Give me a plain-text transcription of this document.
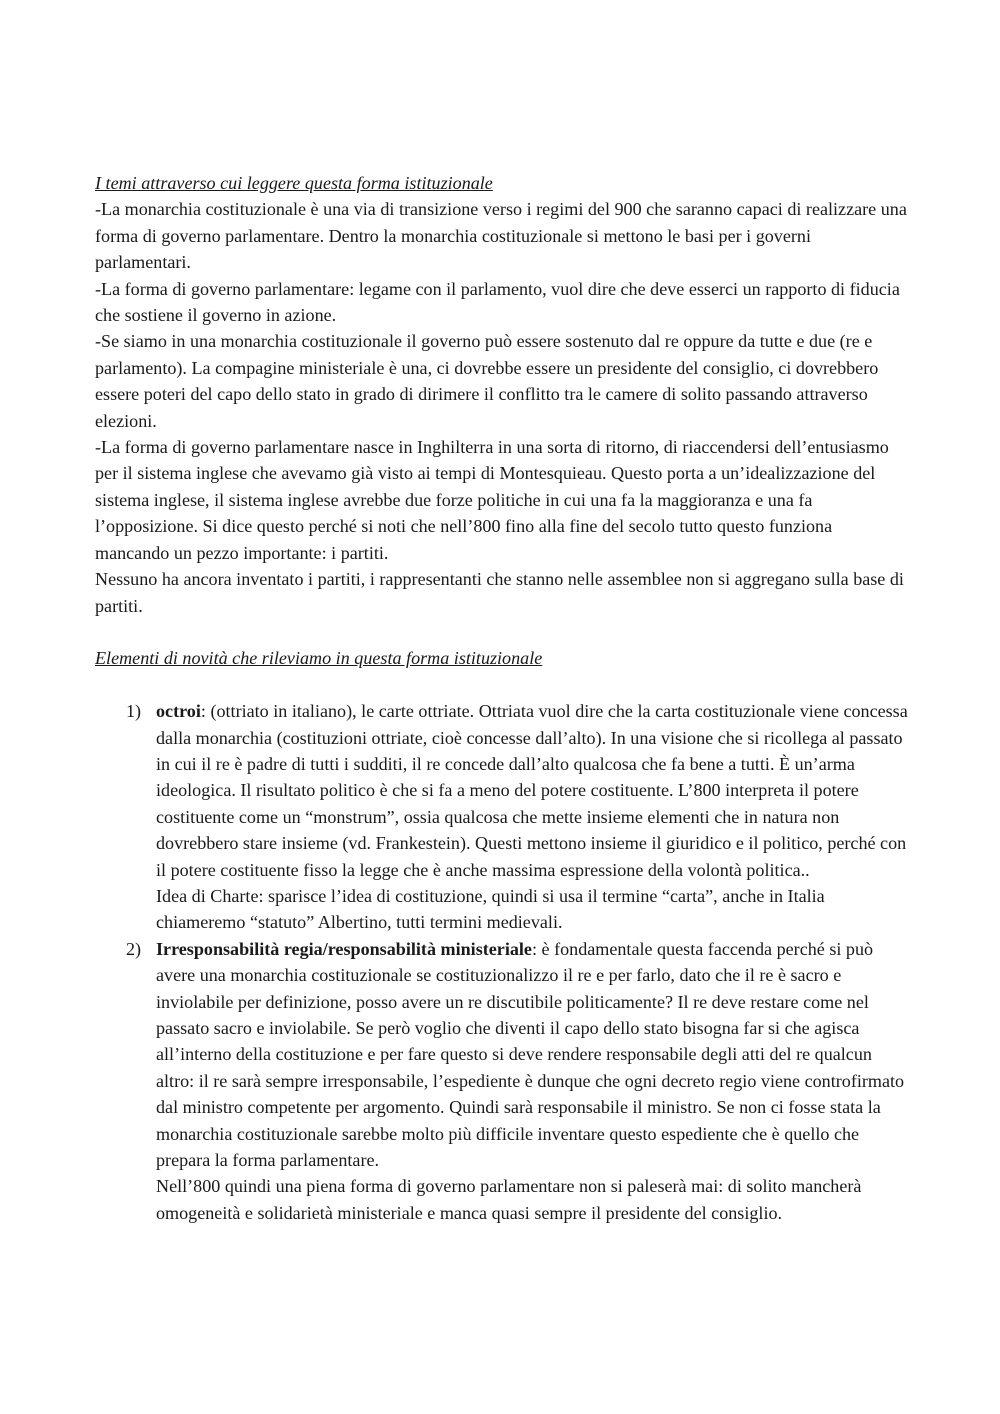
I temi attraverso cui leggere questa forma istituzionale

-La monarchia costituzionale è una via di transizione verso i regimi del 900 che saranno capaci di realizzare una forma di governo parlamentare. Dentro la monarchia costituzionale si mettono le basi per i governi parlamentari.

-La forma di governo parlamentare: legame con il parlamento, vuol dire che deve esserci un rapporto di fiducia che sostiene il governo in azione.

-Se siamo in una monarchia costituzionale il governo può essere sostenuto dal re oppure da tutte e due (re e parlamento). La compagine ministeriale è una, ci dovrebbe essere un presidente del consiglio, ci dovrebbero essere poteri del capo dello stato in grado di dirimere il conflitto tra le camere di solito passando attraverso elezioni.

-La forma di governo parlamentare nasce in Inghilterra in una sorta di ritorno, di riaccendersi dell’entusiasmo per il sistema inglese che avevamo già visto ai tempi di Montesquieau. Questo porta a un’idealizzazione del sistema inglese, il sistema inglese avrebbe due forze politiche in cui una fa la maggioranza e una fa l’opposizione. Si dice questo perché si noti che nell’800 fino alla fine del secolo tutto questo funziona mancando un pezzo importante: i partiti.

Nessuno ha ancora inventato i partiti, i rappresentanti che stanno nelle assemblee non si aggregano sulla base di partiti.

Elementi di novità che rileviamo in questa forma istituzionale

1) octroi: (ottriato in italiano), le carte ottriate. Ottriata vuol dire che la carta costituzionale viene concessa dalla monarchia (costituzioni ottriate, cioè concesse dall’alto). In una visione che si ricollega al passato in cui il re è padre di tutti i sudditi, il re concede dall’alto qualcosa che fa bene a tutti. È un’arma ideologica. Il risultato politico è che si fa a meno del potere costituente. L’800 interpreta il potere costituente come un “monstrum”, ossia qualcosa che mette insieme elementi che in natura non dovrebbero stare insieme (vd. Frankestein). Questi mettono insieme il giuridico e il politico, perché con il potere costituente fisso la legge che è anche massima espressione della volontà politica..

Idea di Charte: sparisce l’idea di costituzione, quindi si usa il termine “carta”, anche in Italia chiameremo “statuto” Albertino, tutti termini medievali.

2) Irresponsabilità regia/responsabilità ministeriale: è fondamentale questa faccenda perché si può avere una monarchia costituzionale se costituzionalizzo il re e per farlo, dato che il re è sacro e inviolabile per definizione, posso avere un re discutibile politicamente? Il re deve restare come nel passato sacro e inviolabile. Se però voglio che diventi il capo dello stato bisogna far si che agisca all’interno della costituzione e per fare questo si deve rendere responsabile degli atti del re qualcun altro: il re sarà sempre irresponsabile, l’espediente è dunque che ogni decreto regio viene controfirmato dal ministro competente per argomento. Quindi sarà responsabile il ministro. Se non ci fosse stata la monarchia costituzionale sarebbe molto più difficile inventare questo espediente che è quello che prepara la forma parlamentare.

Nell’800 quindi una piena forma di governo parlamentare non si paleserà mai: di solito mancherà omogeneità e solidarietà ministeriale e manca quasi sempre il presidente del consiglio.
